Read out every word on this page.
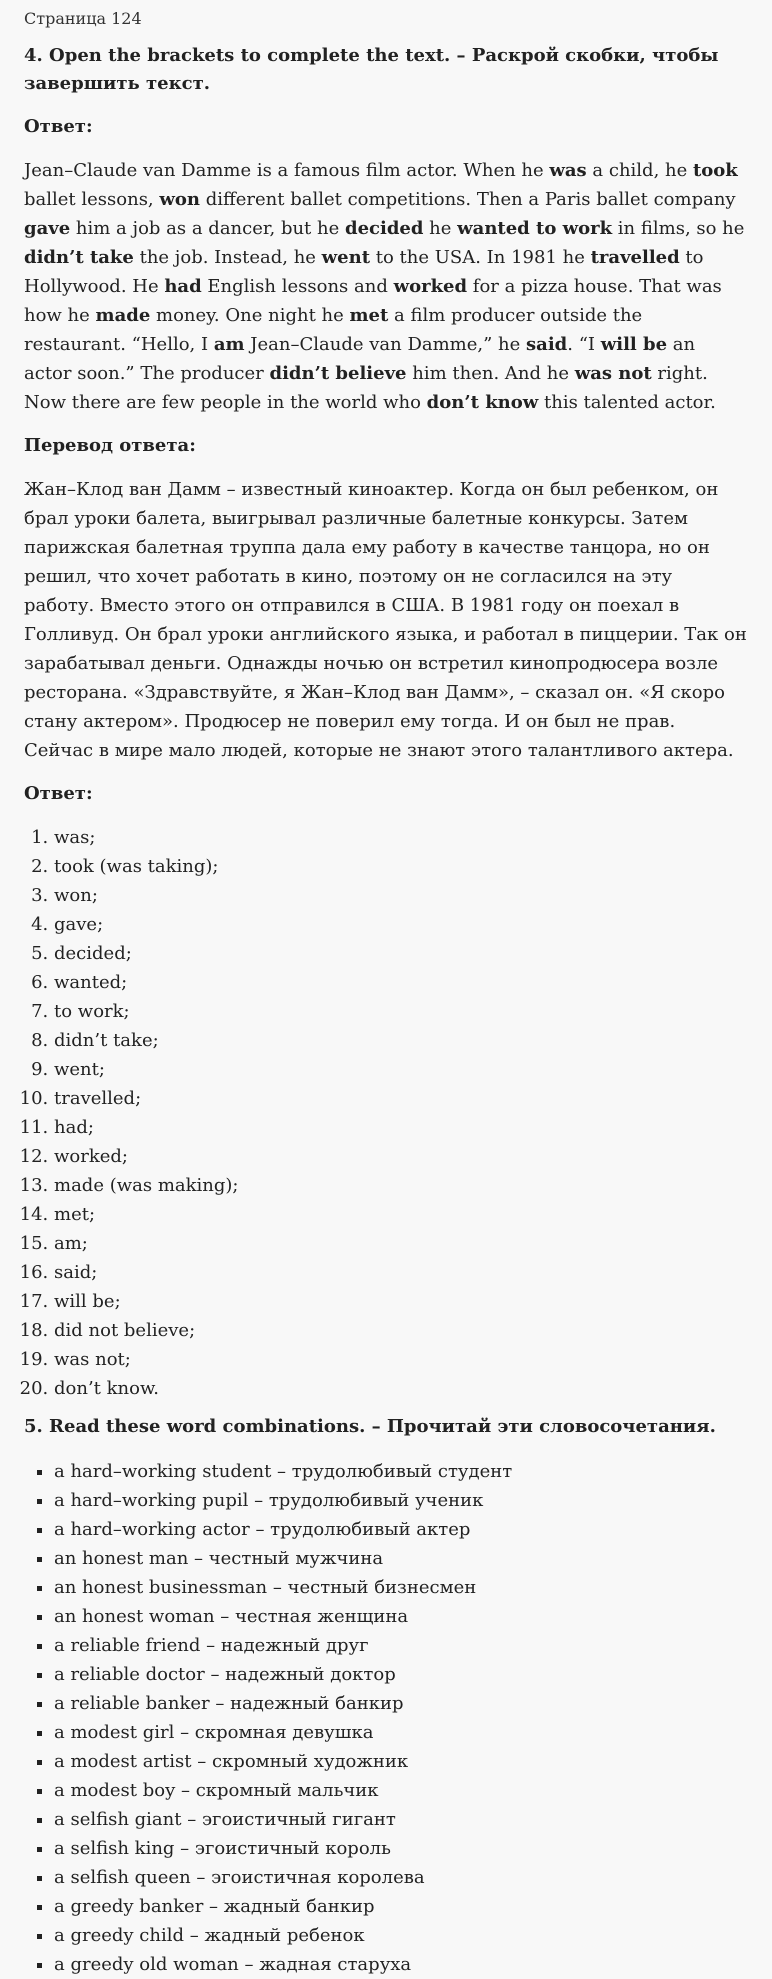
Страница 124
4. Open the brackets to complete the text. – Раскрой скобки, чтобы завершить текст.
Ответ:

Jean–Claude van Damme is a famous film actor. When he was a child, he took ballet lessons, won different ballet competitions. Then a Paris ballet company gave him a job as a dancer, but he decided he wanted to work in films, so he didn’t take the job. Instead, he went to the USA. In 1981 he travelled to Hollywood. He had English lessons and worked for a pizza house. That was how he made money. One night he met a film producer outside the restaurant. “Hello, I am Jean–Claude van Damme,” he said. “I will be an actor soon.” The producer didn’t believe him then. And he was not right. Now there are few people in the world who don’t know this talented actor.

Перевод ответа:

Жан–Клод ван Дамм – известный киноактер. Когда он был ребенком, он брал уроки балета, выигрывал различные балетные конкурсы. Затем парижская балетная труппа дала ему работу в качестве танцора, но он решил, что хочет работать в кино, поэтому он не согласился на эту работу. Вместо этого он отправился в США. В 1981 году он поехал в Голливуд. Он брал уроки английского языка, и работал в пиццерии. Так он зарабатывал деньги. Однажды ночью он встретил кинопродюсера возле ресторана. «Здравствуйте, я Жан–Клод ван Дамм», – сказал он. «Я скоро стану актером». Продюсер не поверил ему тогда. И он был не прав. Сейчас в мире мало людей, которые не знают этого талантливого актера.

Ответ:
1. was;
2. took (was taking);
3. won;
4. gave;
5. decided;
6. wanted;
7. to work;
8. didn’t take;
9. went;
10. travelled;
11. had;
12. worked;
13. made (was making);
14. met;
15. am;
16. said;
17. will be;
18. did not believe;
19. was not;
20. don’t know.
5. Read these word combinations. – Прочитай эти словосочетания.
▪ a hard–working student – трудолюбивый студент
▪ a hard–working pupil – трудолюбивый ученик
▪ a hard–working actor – трудолюбивый актер
▪ an honest man – честный мужчина
▪ an honest businessman – честный бизнесмен
▪ an honest woman – честная женщина
▪ a reliable friend – надежный друг
▪ a reliable doctor – надежный доктор
▪ a reliable banker – надежный банкир
▪ a modest girl – скромная девушка
▪ a modest artist – скромный художник
▪ a modest boy – скромный мальчик
▪ a selfish giant – эгоистичный гигант
▪ a selfish king – эгоистичный король
▪ a selfish queen – эгоистичная королева
▪ a greedy banker – жадный банкир
▪ a greedy child – жадный ребенок
▪ a greedy old woman – жадная старуха
